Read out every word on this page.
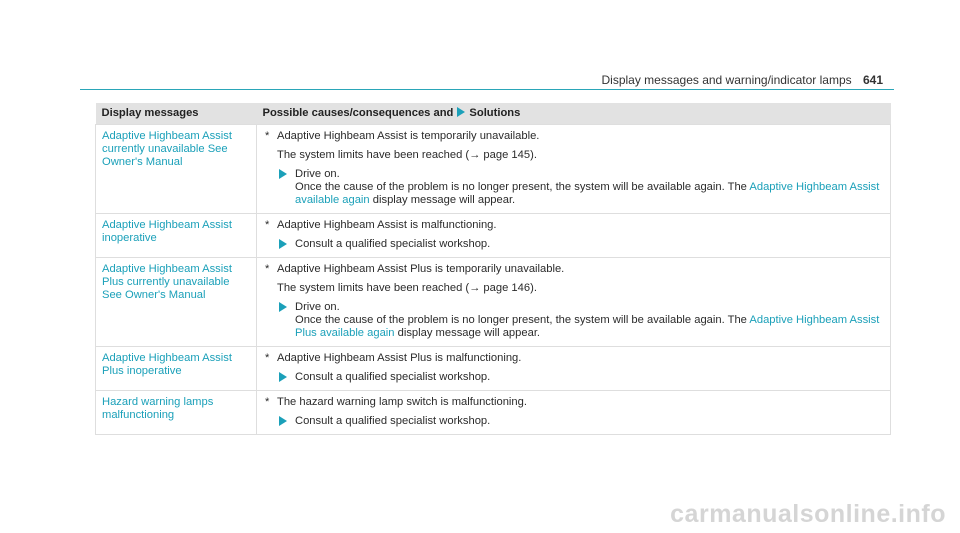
Display messages and warning/indicator lamps 641
Display messages	Possible causes/consequences and Solutions
Adaptive Highbeam Assist currently unavailable See Owner's Manual	* Adaptive Highbeam Assist is temporarily unavailable.
The system limits have been reached (→ page 145).
Drive on.
Once the cause of the problem is no longer present, the system will be available again. The Adaptive Highbeam Assist available again display message will appear.

Adaptive Highbeam Assist inoperative	* Adaptive Highbeam Assist is malfunctioning.
Consult a qualified specialist workshop.

Adaptive Highbeam Assist Plus currently unavailable See Owner's Manual	* Adaptive Highbeam Assist Plus is temporarily unavailable.
The system limits have been reached (→ page 146).
Drive on.
Once the cause of the problem is no longer present, the system will be available again. The Adaptive Highbeam Assist Plus available again display message will appear.

Adaptive Highbeam Assist Plus inoperative	* Adaptive Highbeam Assist Plus is malfunctioning.
Consult a qualified specialist workshop.

Hazard warning lamps malfunctioning	* The hazard warning lamp switch is malfunctioning.
Consult a qualified specialist workshop.
carmanualsonline.info
